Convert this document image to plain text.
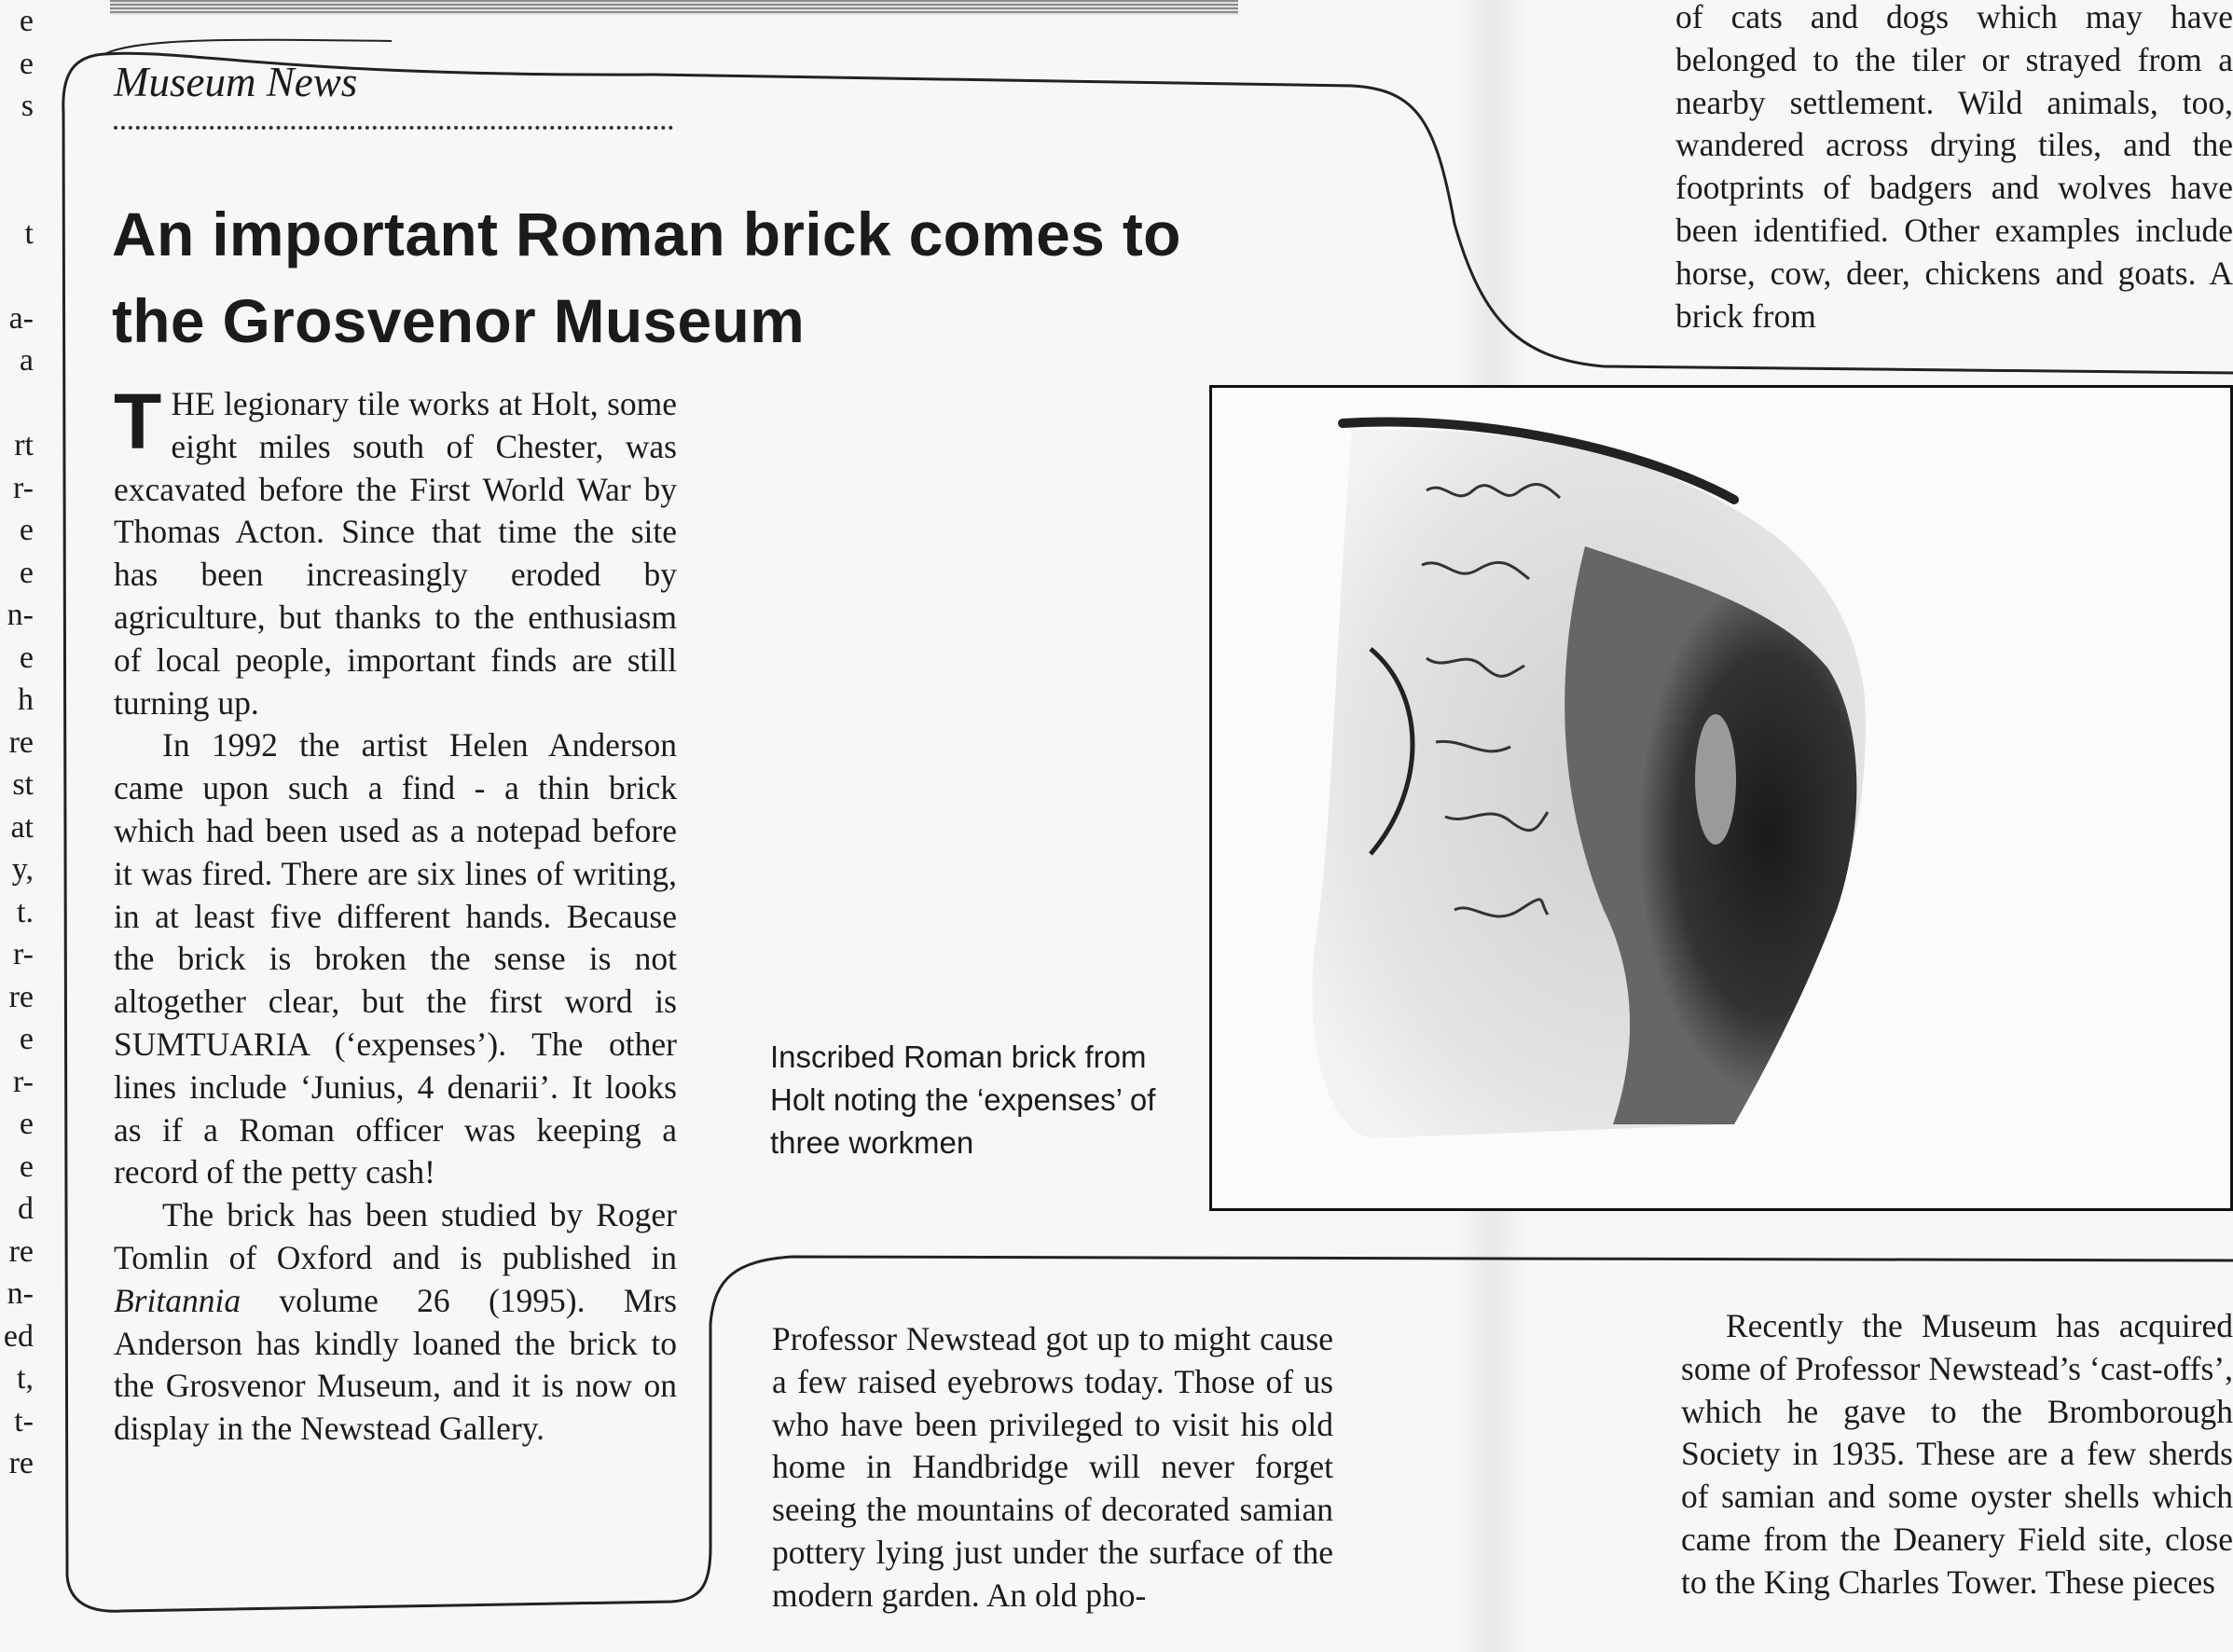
e
e
s
t
a-
a
rt
r-
e
e
n-
e
h
re
st
at
y,
t.
r-
re
e
r-
e
e
d
re
n-
ed
t,
t-
re
Museum News
An important Roman brick comes to
the Grosvenor Museum

THE legionary tile works at Holt, some eight miles south of Chester, was excavated before the First World War by Thomas Acton. Since that time the site has been increasingly eroded by agriculture, but thanks to the enthusiasm of local people, important finds are still turning up.

In 1992 the artist Helen Anderson came upon such a find - a thin brick which had been used as a notepad before it was fired. There are six lines of writing, in at least five different hands. Because the brick is broken the sense is not altogether clear, but the first word is SUMTUARIA (‘expenses’). The other lines include ‘Junius, 4 denarii’. It looks as if a Roman officer was keeping a record of the petty cash!

The brick has been studied by Roger Tomlin of Oxford and is published in Britannia volume 26 (1995). Mrs Anderson has kindly loaned the brick to the Grosvenor Museum, and it is now on display in the Newstead Gallery.

Inscribed Roman brick from Holt noting the ‘expenses’ of three workmen
of cats and dogs which may have belonged to the tiler or strayed from a nearby settlement. Wild animals, too, wandered across drying tiles, and the footprints of badgers and wolves have been identified. Other examples include horse, cow, deer, chickens and goats. A brick from

Professor Newstead got up to might cause a few raised eyebrows today. Those of us who have been privileged to visit his old home in Handbridge will never forget seeing the mountains of decorated samian pottery lying just under the surface of the modern garden. An old pho-

Recently the Museum has acquired some of Professor Newstead’s ‘cast-offs’, which he gave to the Bromborough Society in 1935. These are a few sherds of samian and some oyster shells which came from the Deanery Field site, close to the King Charles Tower. These pieces
